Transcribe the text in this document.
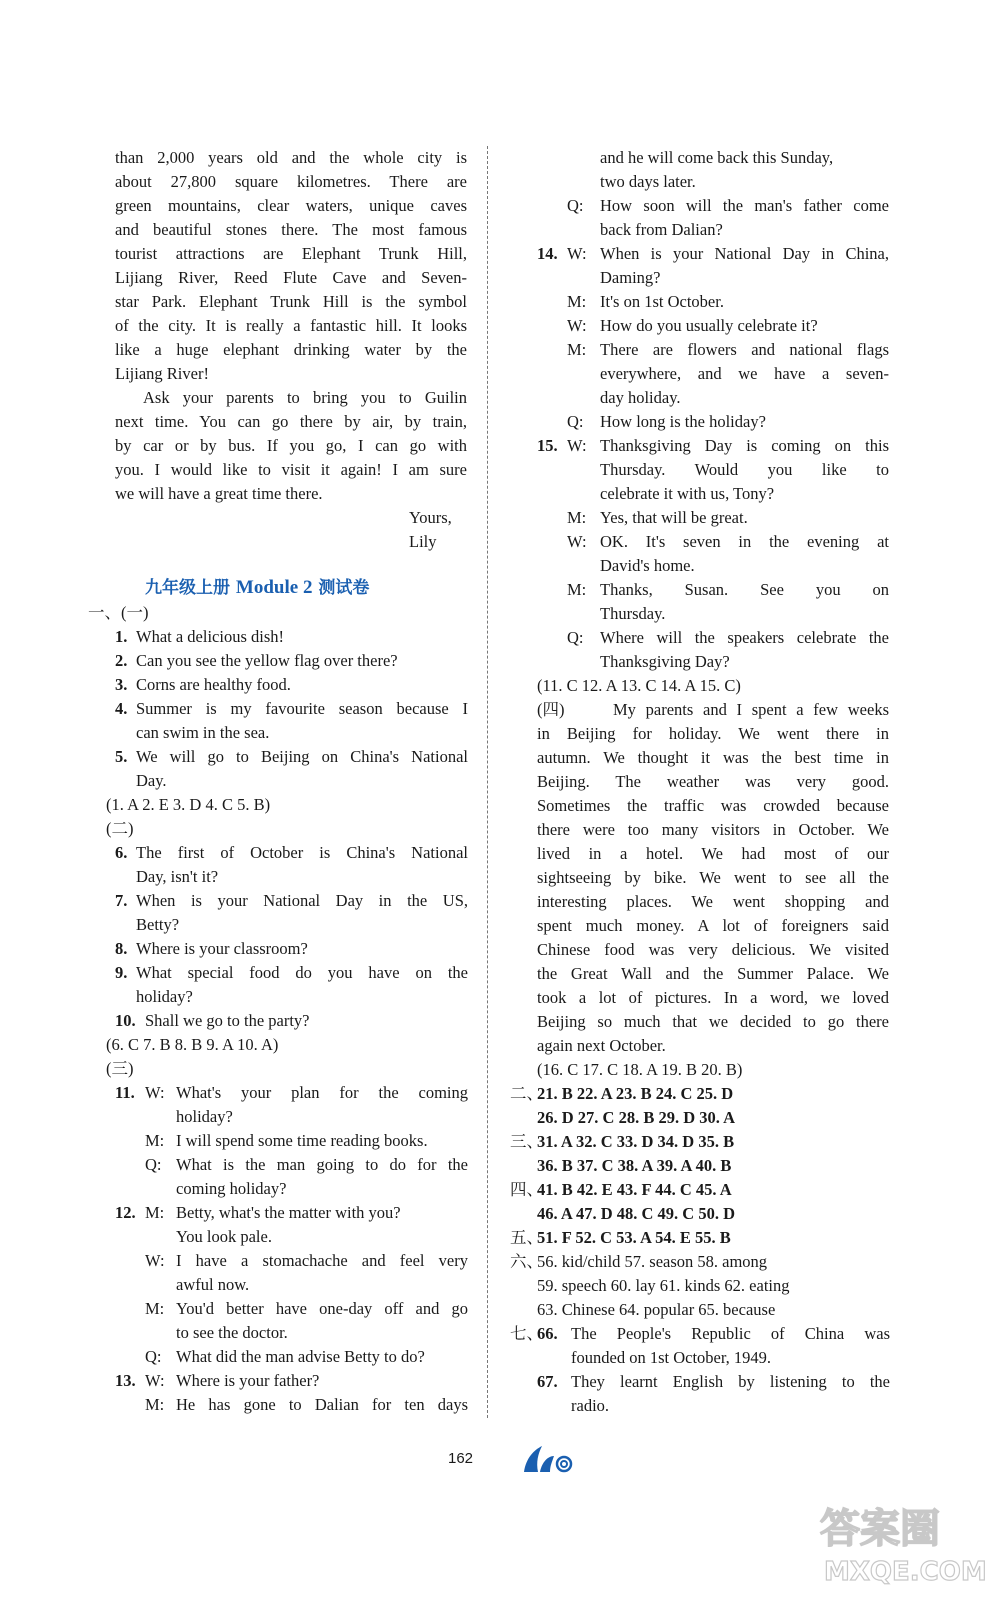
than 2,000 years old and the whole city is
about 27,800 square kilometres. There are
green mountains, clear waters, unique caves
and beautiful stones there. The most famous
tourist attractions are Elephant Trunk Hill,
Lijiang River, Reed Flute Cave and Seven-
star Park. Elephant Trunk Hill is the symbol
of the city. It is really a fantastic hill. It looks
like a huge elephant drinking water by the
Lijiang River!
Ask your parents to bring you to Guilin
next time. You can go there by air, by train,
by car or by bus. If you go, I can go with
you. I would like to visit it again! I am sure
we will have a great time there.
Yours,
Lily
九年级上册 Module 2 测试卷
一、(一)
1. What a delicious dish!
2. Can you see the yellow flag over there?
3. Corns are healthy food.
4. Summer is my favourite season because I
can swim in the sea.
5. We will go to Beijing on China's National
Day.
(1. A 2. E 3. D 4. C 5. B)
(二)
6. The first of October is China's National
Day, isn't it?
7. When is your National Day in the US,
Betty?
8. Where is your classroom?
9. What special food do you have on the
holiday?
10. Shall we go to the party?
(6. C 7. B 8. B 9. A 10. A)
(三)
11. W: What's your plan for the coming
holiday?
M: I will spend some time reading books.
Q: What is the man going to do for the
coming holiday?
12. M: Betty, what's the matter with you?
You look pale.
W: I have a stomachache and feel very
awful now.
M: You'd better have one-day off and go
to see the doctor.
Q: What did the man advise Betty to do?
13. W: Where is your father?
M: He has gone to Dalian for ten days
and he will come back this Sunday,
two days later.
Q:	How soon will the man's father come
back from Dalian?
14. W: When is your National Day in China,
Daming?
M: It's on 1st October.
W: How do you usually celebrate it?
M: There are flowers and national flags
everywhere, and we have a seven-
day holiday.
Q:	How long is the holiday?
15. W: Thanksgiving Day is coming on this
Thursday. Would you like to
celebrate it with us, Tony?
M: Yes, that will be great.
W: OK. It's seven in the evening at
David's home.
M: Thanks, Susan. See you on
Thursday.
Q:	Where will the speakers celebrate the
Thanksgiving Day?
(11. C 12. A 13. C 14. A 15. C)
(四)	My parents and I spent a few weeks
in Beijing for holiday. We went there in
autumn. We thought it was the best time in
Beijing. The weather was very good.
Sometimes the traffic was crowded because
there were too many visitors in October. We
lived in a hotel. We had most of our
sightseeing by bike. We went to see all the
interesting places. We went shopping and
spent much money. A lot of foreigners said
Chinese food was very delicious. We visited
the Great Wall and the Summer Palace. We
took a lot of pictures. In a word, we loved
Beijing so much that we decided to go there
again next October.
(16. C 17. C 18. A 19. B 20. B)
二、
21. B 22. A 23. B 24. C 25. D
26. D 27. C 28. B 29. D 30. A
三、
31. A 32. C 33. D 34. D 35. B
36. B 37. C 38. A 39. A 40. B
四、
41. B 42. E 43. F 44. C 45. A
46. A 47. D 48. C 49. C 50. D
五、
51. F 52. C 53. A 54. E 55. B
六、
56. kid/child 57. season 58. among
59. speech 60. lay 61. kinds 62. eating
63. Chinese 64. popular 65. because
七、
66. The People's Republic of China was
founded on 1st October, 1949.
67. They learnt English by listening to the
radio.
162
答案圈
MXQE.COM
